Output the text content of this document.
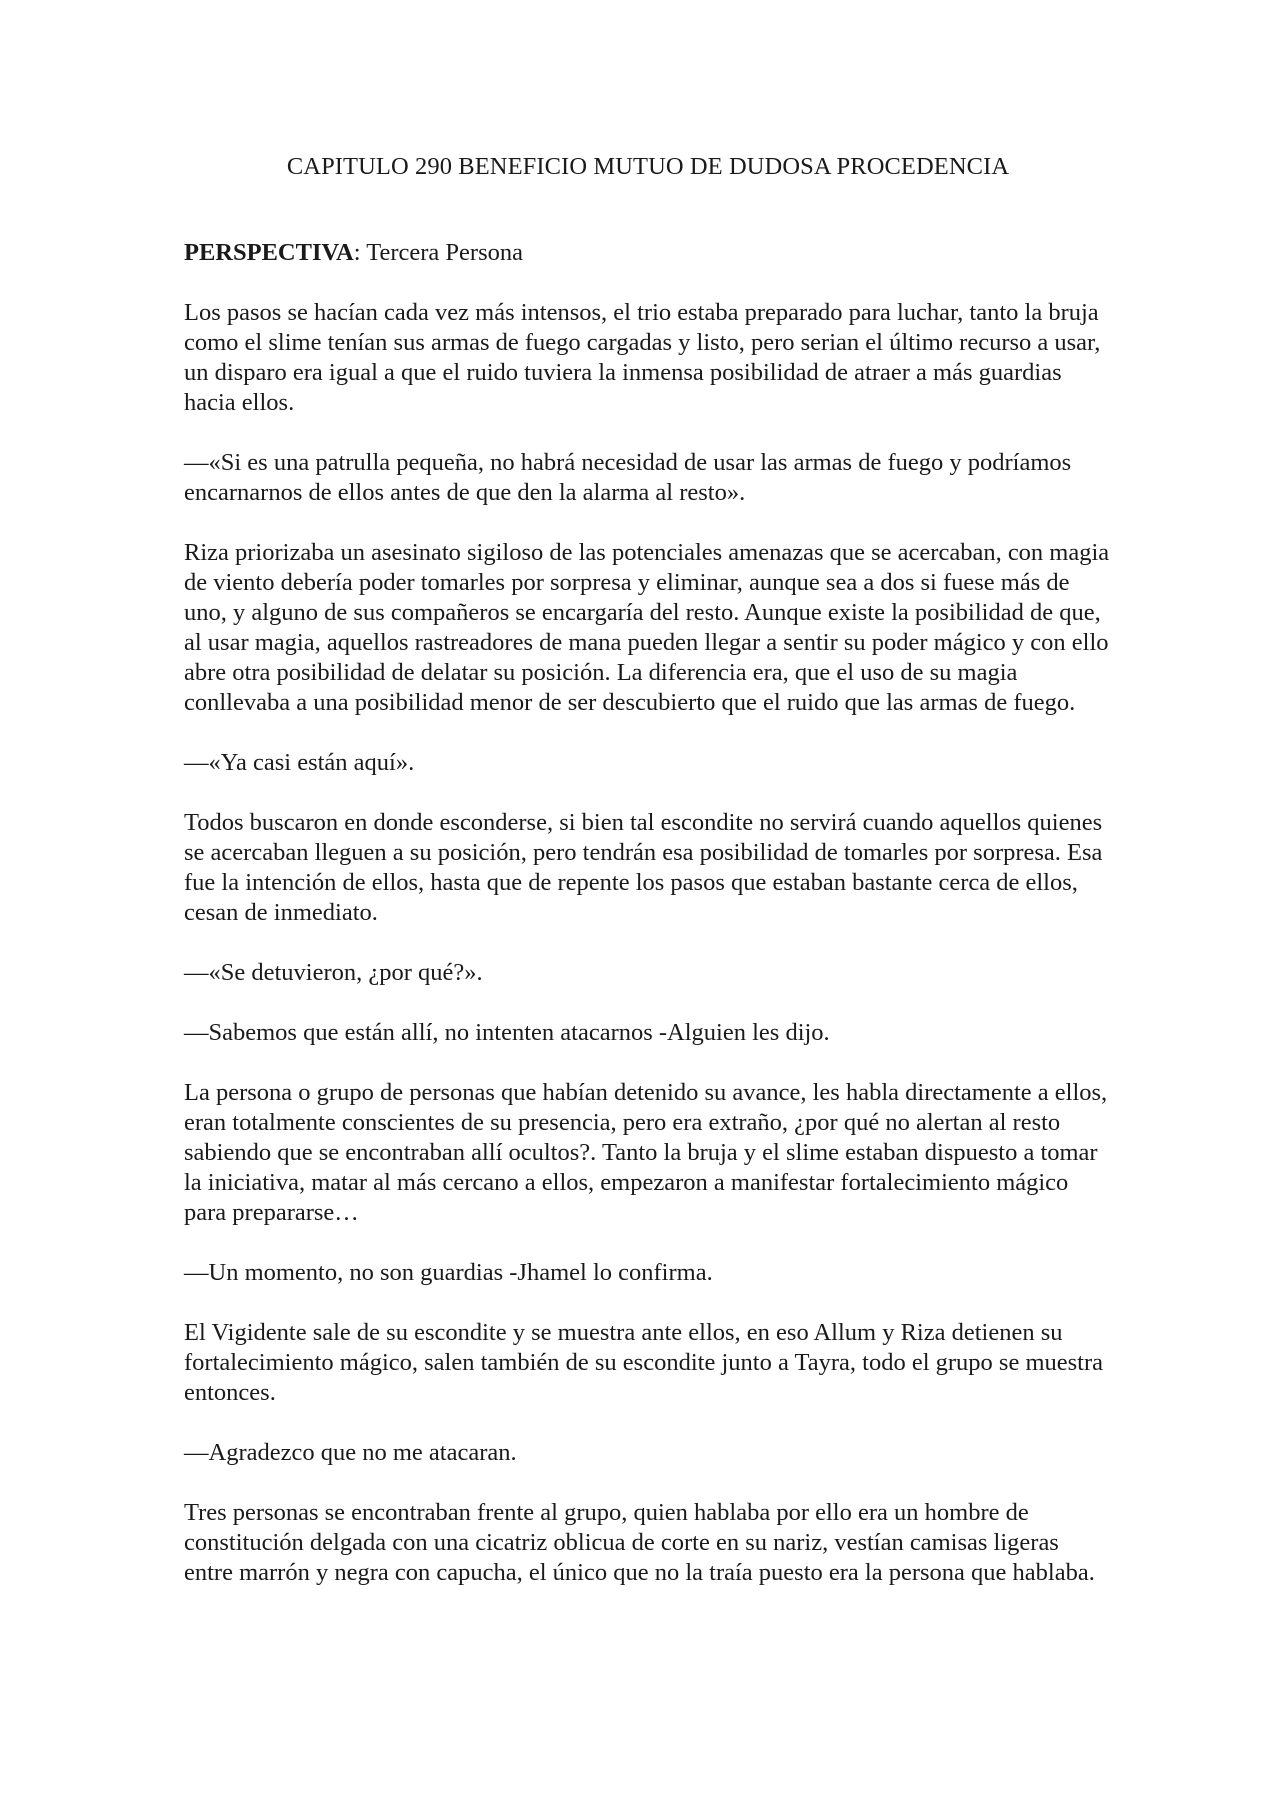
CAPITULO 290 BENEFICIO MUTUO DE DUDOSA PROCEDENCIA

PERSPECTIVA: Tercera Persona

Los pasos se hacían cada vez más intensos, el trio estaba preparado para luchar, tanto la bruja como el slime tenían sus armas de fuego cargadas y listo, pero serian el último recurso a usar, un disparo era igual a que el ruido tuviera la inmensa posibilidad de atraer a más guardias hacia ellos.

—«Si es una patrulla pequeña, no habrá necesidad de usar las armas de fuego y podríamos encarnarnos de ellos antes de que den la alarma al resto».

Riza priorizaba un asesinato sigiloso de las potenciales amenazas que se acercaban, con magia de viento debería poder tomarles por sorpresa y eliminar, aunque sea a dos si fuese más de uno, y alguno de sus compañeros se encargaría del resto. Aunque existe la posibilidad de que, al usar magia, aquellos rastreadores de mana pueden llegar a sentir su poder mágico y con ello abre otra posibilidad de delatar su posición. La diferencia era, que el uso de su magia conllevaba a una posibilidad menor de ser descubierto que el ruido que las armas de fuego.

—«Ya casi están aquí».

Todos buscaron en donde esconderse, si bien tal escondite no servirá cuando aquellos quienes se acercaban lleguen a su posición, pero tendrán esa posibilidad de tomarles por sorpresa. Esa fue la intención de ellos, hasta que de repente los pasos que estaban bastante cerca de ellos, cesan de inmediato.

—«Se detuvieron, ¿por qué?».

—Sabemos que están allí, no intenten atacarnos -Alguien les dijo.

La persona o grupo de personas que habían detenido su avance, les habla directamente a ellos, eran totalmente conscientes de su presencia, pero era extraño, ¿por qué no alertan al resto sabiendo que se encontraban allí ocultos?. Tanto la bruja y el slime estaban dispuesto a tomar la iniciativa, matar al más cercano a ellos, empezaron a manifestar fortalecimiento mágico para prepararse…

—Un momento, no son guardias -Jhamel lo confirma.

El Vigidente sale de su escondite y se muestra ante ellos, en eso Allum y Riza detienen su fortalecimiento mágico, salen también de su escondite junto a Tayra, todo el grupo se muestra entonces.

—Agradezco que no me atacaran.

Tres personas se encontraban frente al grupo, quien hablaba por ello era un hombre de constitución delgada con una cicatriz oblicua de corte en su nariz, vestían camisas ligeras entre marrón y negra con capucha, el único que no la traía puesto era la persona que hablaba.
